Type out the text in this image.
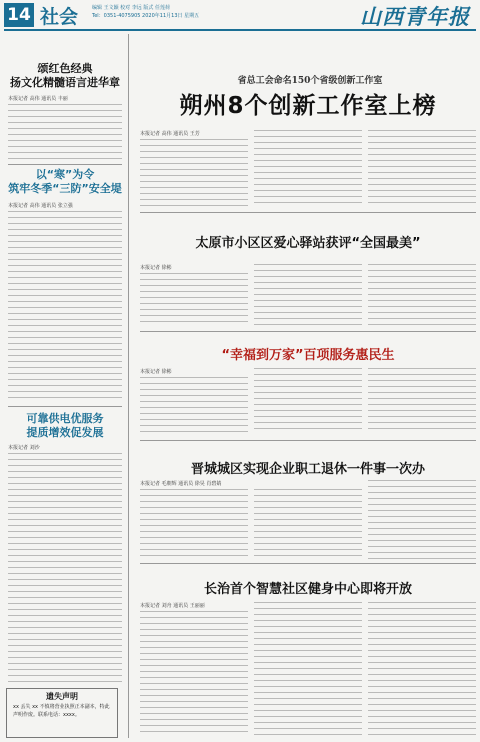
14 社会	编辑 王文颖 校对 李远 版式 任莲荷
Tel：0351-4075905 2020年11月13日 星期五	山西青年报
颂红色经典
扬文化精髓语言进华章
本报记者 高伟 通讯员 丰丽
以“寒”为令
筑牢冬季“三防”安全堤
本报记者 高伟 通讯员 张立强
可靠供电优服务
提质增效促发展
本报记者 刘沙
遗失声明
xx 丢失 xx 不慎将营业执照正本副本，特此声明作废。联系电话：xxxx。
省总工会命名150个省级创新工作室
朔州8个创新工作室上榜
本报记者 高伟 通讯员 王芳
太原市小区区爱心驿站获评“全国最美”
本报记者 徐彬
“幸福到万家”百项服务惠民生
本报记者 徐彬
晋城城区实现企业职工退休一件事一次办
本报记者 毛朝辉 通讯员 徐昊 肖碧婧
长治首个智慧社区健身中心即将开放
本报记者 刘舟 通讯员 王丽丽
